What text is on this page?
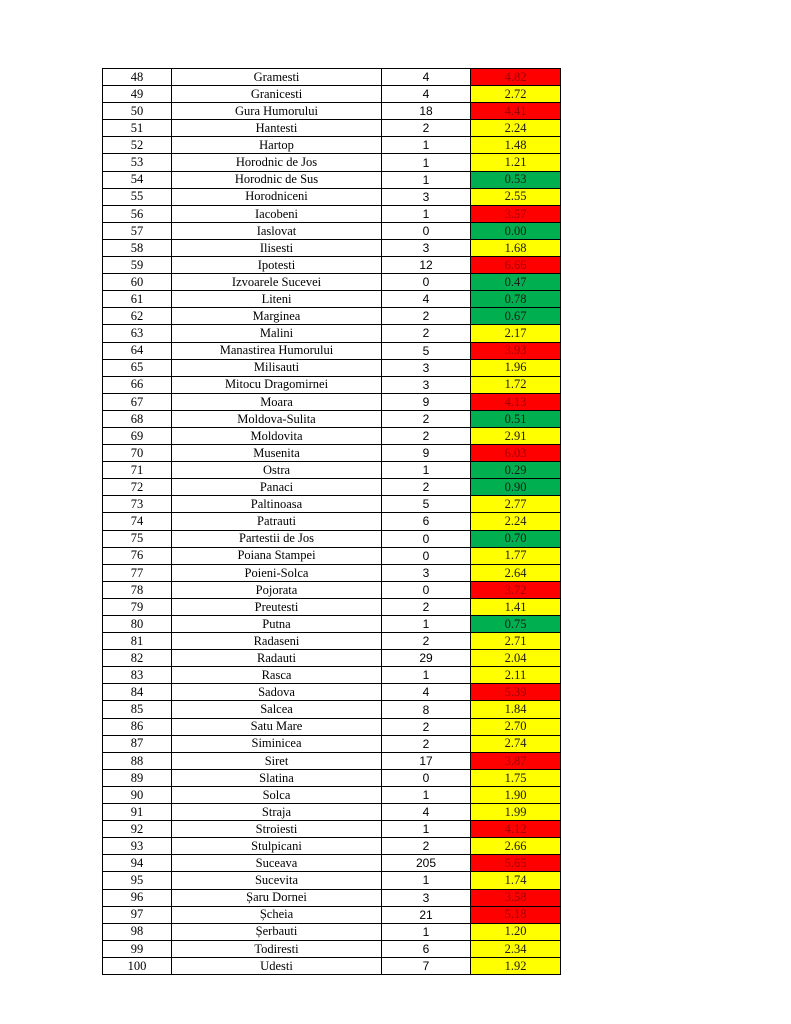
48	Gramesti	4	4.82
49	Granicesti	4	2.72
50	Gura Humorului	18	4.41
51	Hantesti	2	2.24
52	Hartop	1	1.48
53	Horodnic de Jos	1	1.21
54	Horodnic de Sus	1	0.53
55	Horodniceni	3	2.55
56	Iacobeni	1	3.57
57	Iaslovat	0	0.00
58	Ilisesti	3	1.68
59	Ipotesti	12	6.66
60	Izvoarele Sucevei	0	0.47
61	Liteni	4	0.78
62	Marginea	2	0.67
63	Malini	2	2.17
64	Manastirea Humorului	5	3.93
65	Milisauti	3	1.96
66	Mitocu Dragomirnei	3	1.72
67	Moara	9	4.13
68	Moldova-Sulita	2	0.51
69	Moldovita	2	2.91
70	Musenita	9	6.03
71	Ostra	1	0.29
72	Panaci	2	0.90
73	Paltinoasa	5	2.77
74	Patrauti	6	2.24
75	Partestii de Jos	0	0.70
76	Poiana Stampei	0	1.77
77	Poieni-Solca	3	2.64
78	Pojorata	0	3.72
79	Preutesti	2	1.41
80	Putna	1	0.75
81	Radaseni	2	2.71
82	Radauti	29	2.04
83	Rasca	1	2.11
84	Sadova	4	5.39
85	Salcea	8	1.84
86	Satu Mare	2	2.70
87	Siminicea	2	2.74
88	Siret	17	3.87
89	Slatina	0	1.75
90	Solca	1	1.90
91	Straja	4	1.99
92	Stroiesti	1	4.12
93	Stulpicani	2	2.66
94	Suceava	205	5.65
95	Sucevita	1	1.74
96	Șaru Dornei	3	3.58
97	Șcheia	21	5.18
98	Șerbauti	1	1.20
99	Todiresti	6	2.34
100	Udesti	7	1.92
